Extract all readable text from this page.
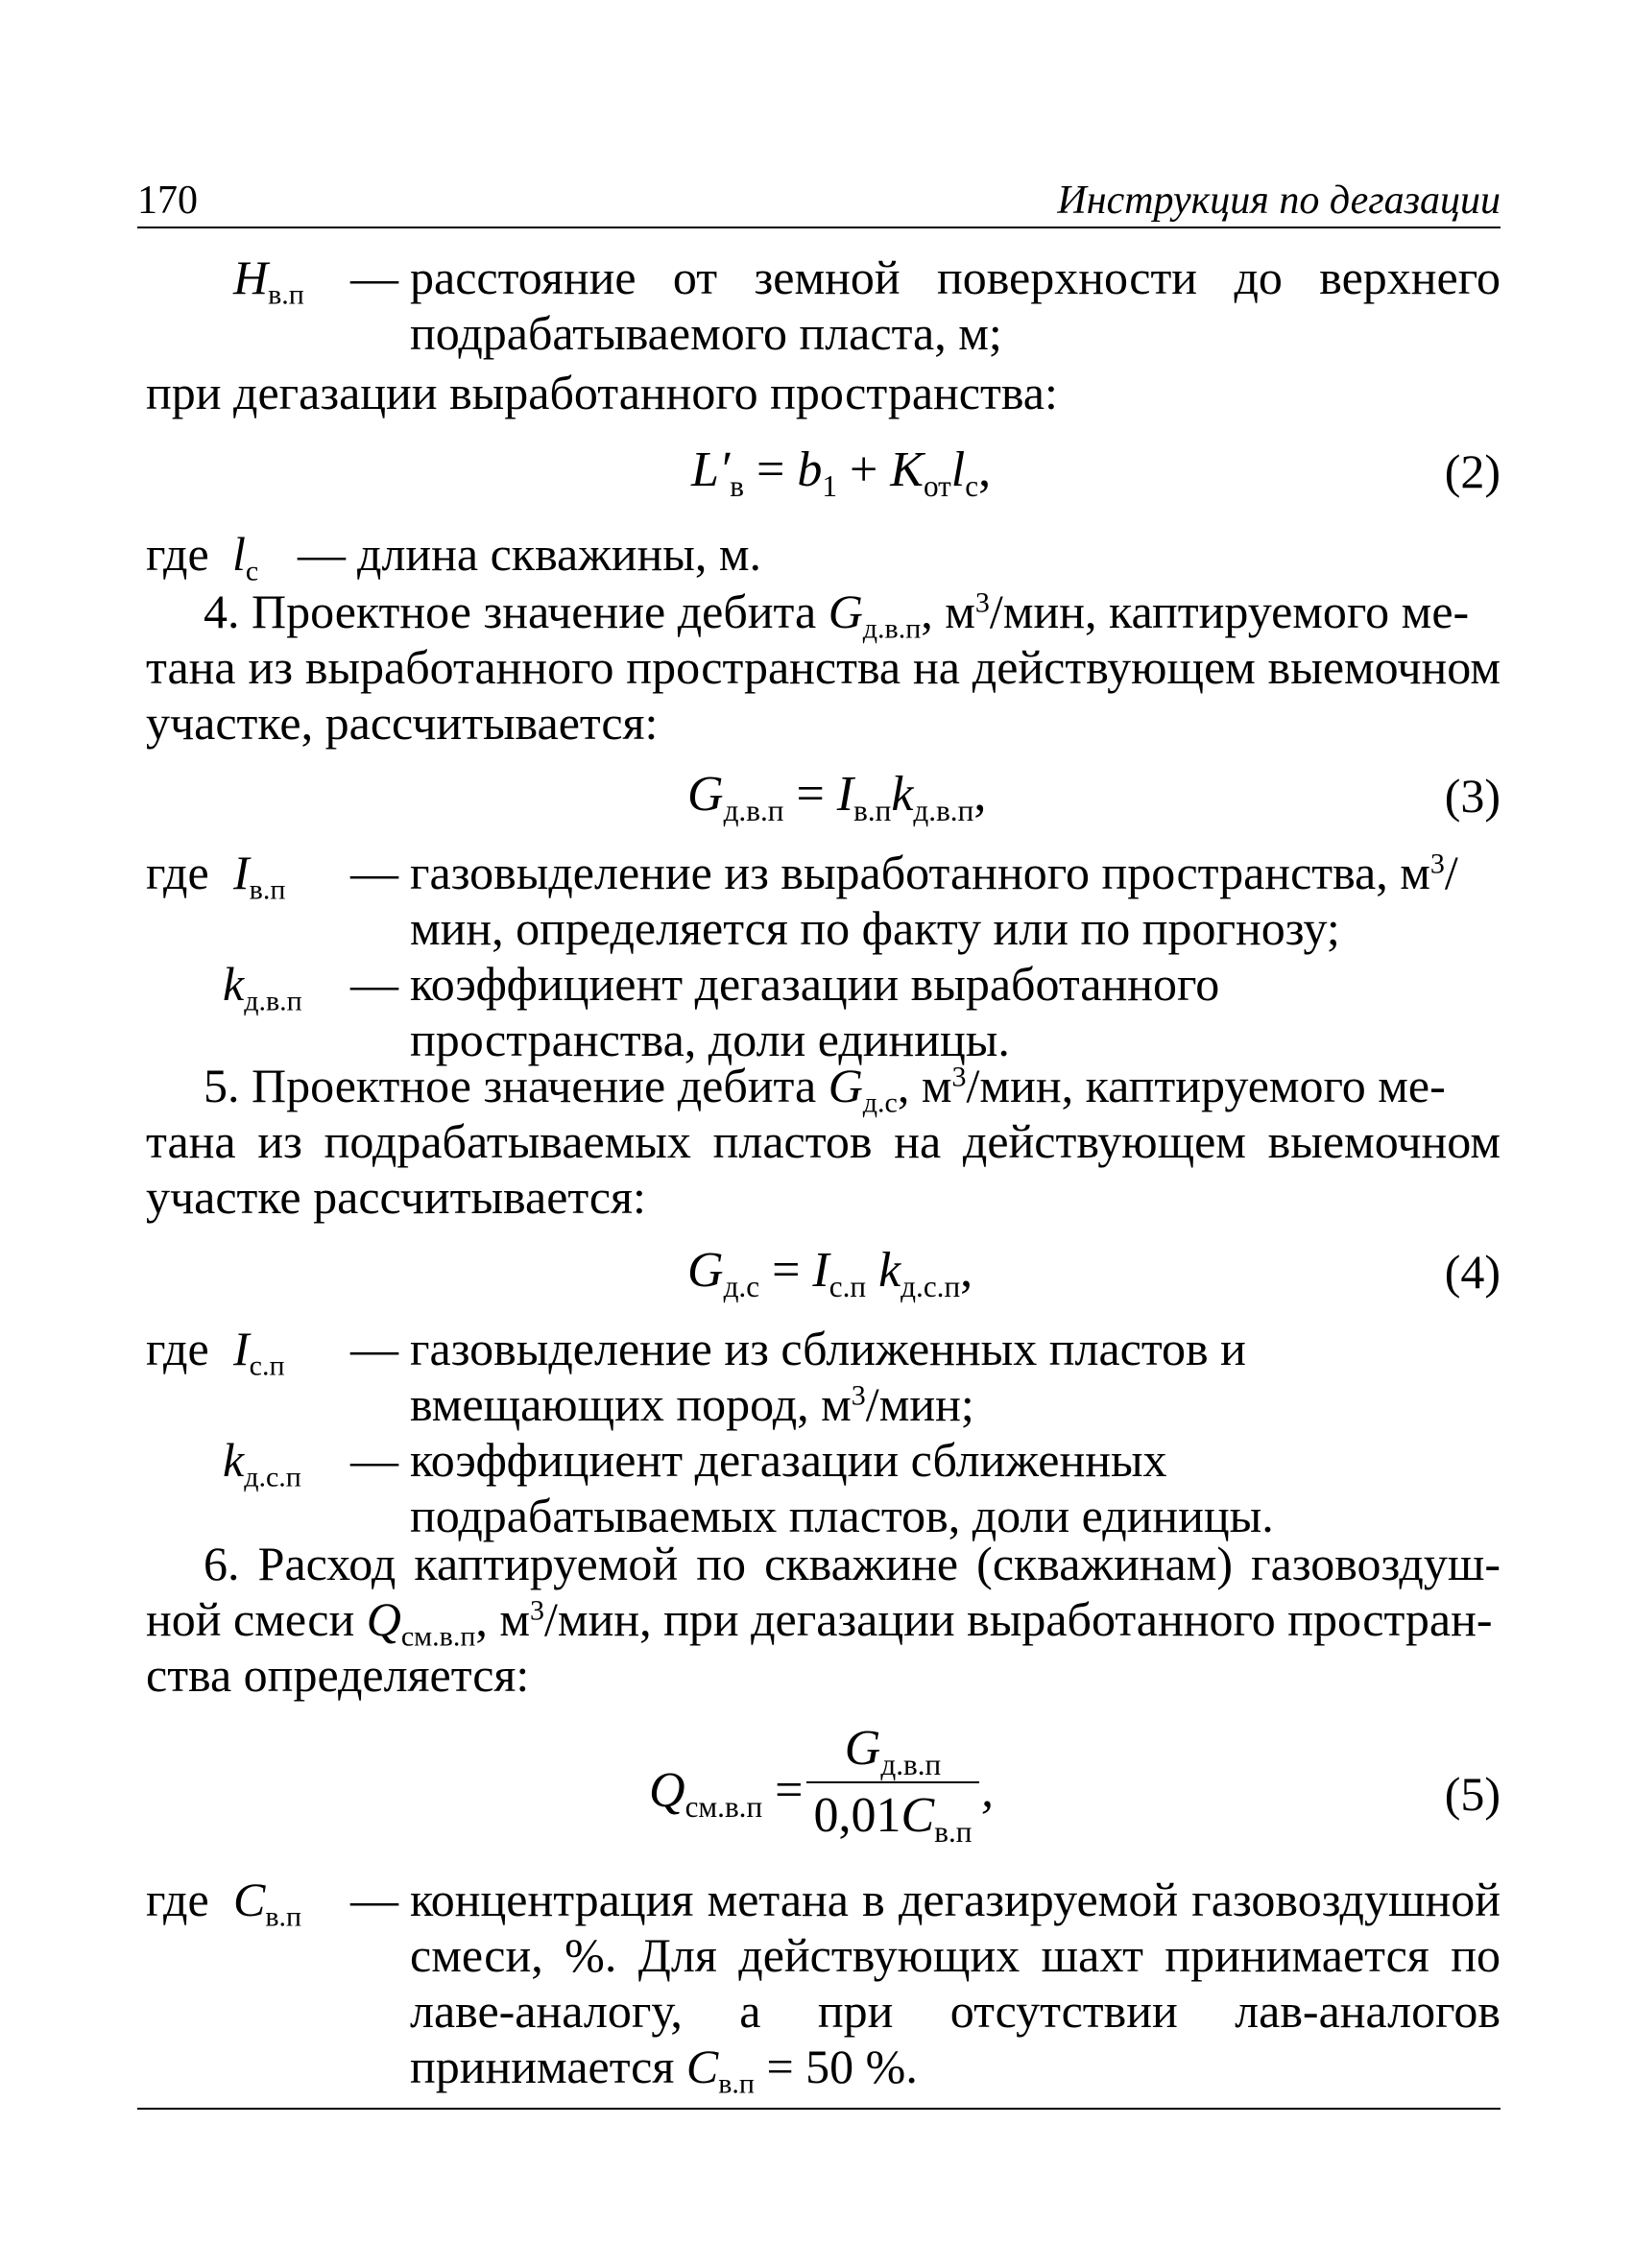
170	Инструкция по дегазации
$H_{в.п}$ — расстояние от земной поверхности до верхнего подрабатываемого пласта, м;
при дегазации выработанного пространства:
$L'_в = b_1 + K_{от}l_с$,	(2)
где $l_с$ — длина скважины, м.
4. Проектное значение дебита $G_{д.в.п}$, $м^3$/мин, каптируемого ме-
тана из выработанного пространства на действующем выемочном
участке, рассчитывается:
$G_{д.в.п} = I_{в.п}k_{д.в.п}$,	(3)
где $I_{в.п}$ — газовыделение из выработанного пространства, $м^3$/мин, определяется по факту или по прогнозу;
$k_{д.в.п}$ — коэффициент дегазации выработанного пространства, доли единицы.
5. Проектное значение дебита $G_{д.с}$, $м^3$/мин, каптируемого ме-
тана из подрабатываемых пластов на действующем выемочном
участке рассчитывается:
$G_{д.с} = I_{с.п}$ $k_{д.с.п}$,	(4)
где $I_{с.п}$ — газовыделение из сближенных пластов и вмещающих пород, $м^3$/мин;
$k_{д.с.п}$ — коэффициент дегазации сближенных подрабатываемых пластов, доли единицы.
6. Расход каптируемой по скважине (скважинам) газовоздуш-
ной смеси $Q_{см.в.п}$, $м^3$/мин, при дегазации выработанного простран-
ства определяется:
$Q_{см.в.п}$ =
$G_{д.в.п}$
$0,01C_{в.п}$
,	(5)
где $C_{в.п}$ — концентрация метана в дегазируемой газовоздушной смеси, %. Для действующих шахт принимается по лаве-аналогу, а при отсутствии лав-аналогов принимается $C_{в.п} = 50$ %.
